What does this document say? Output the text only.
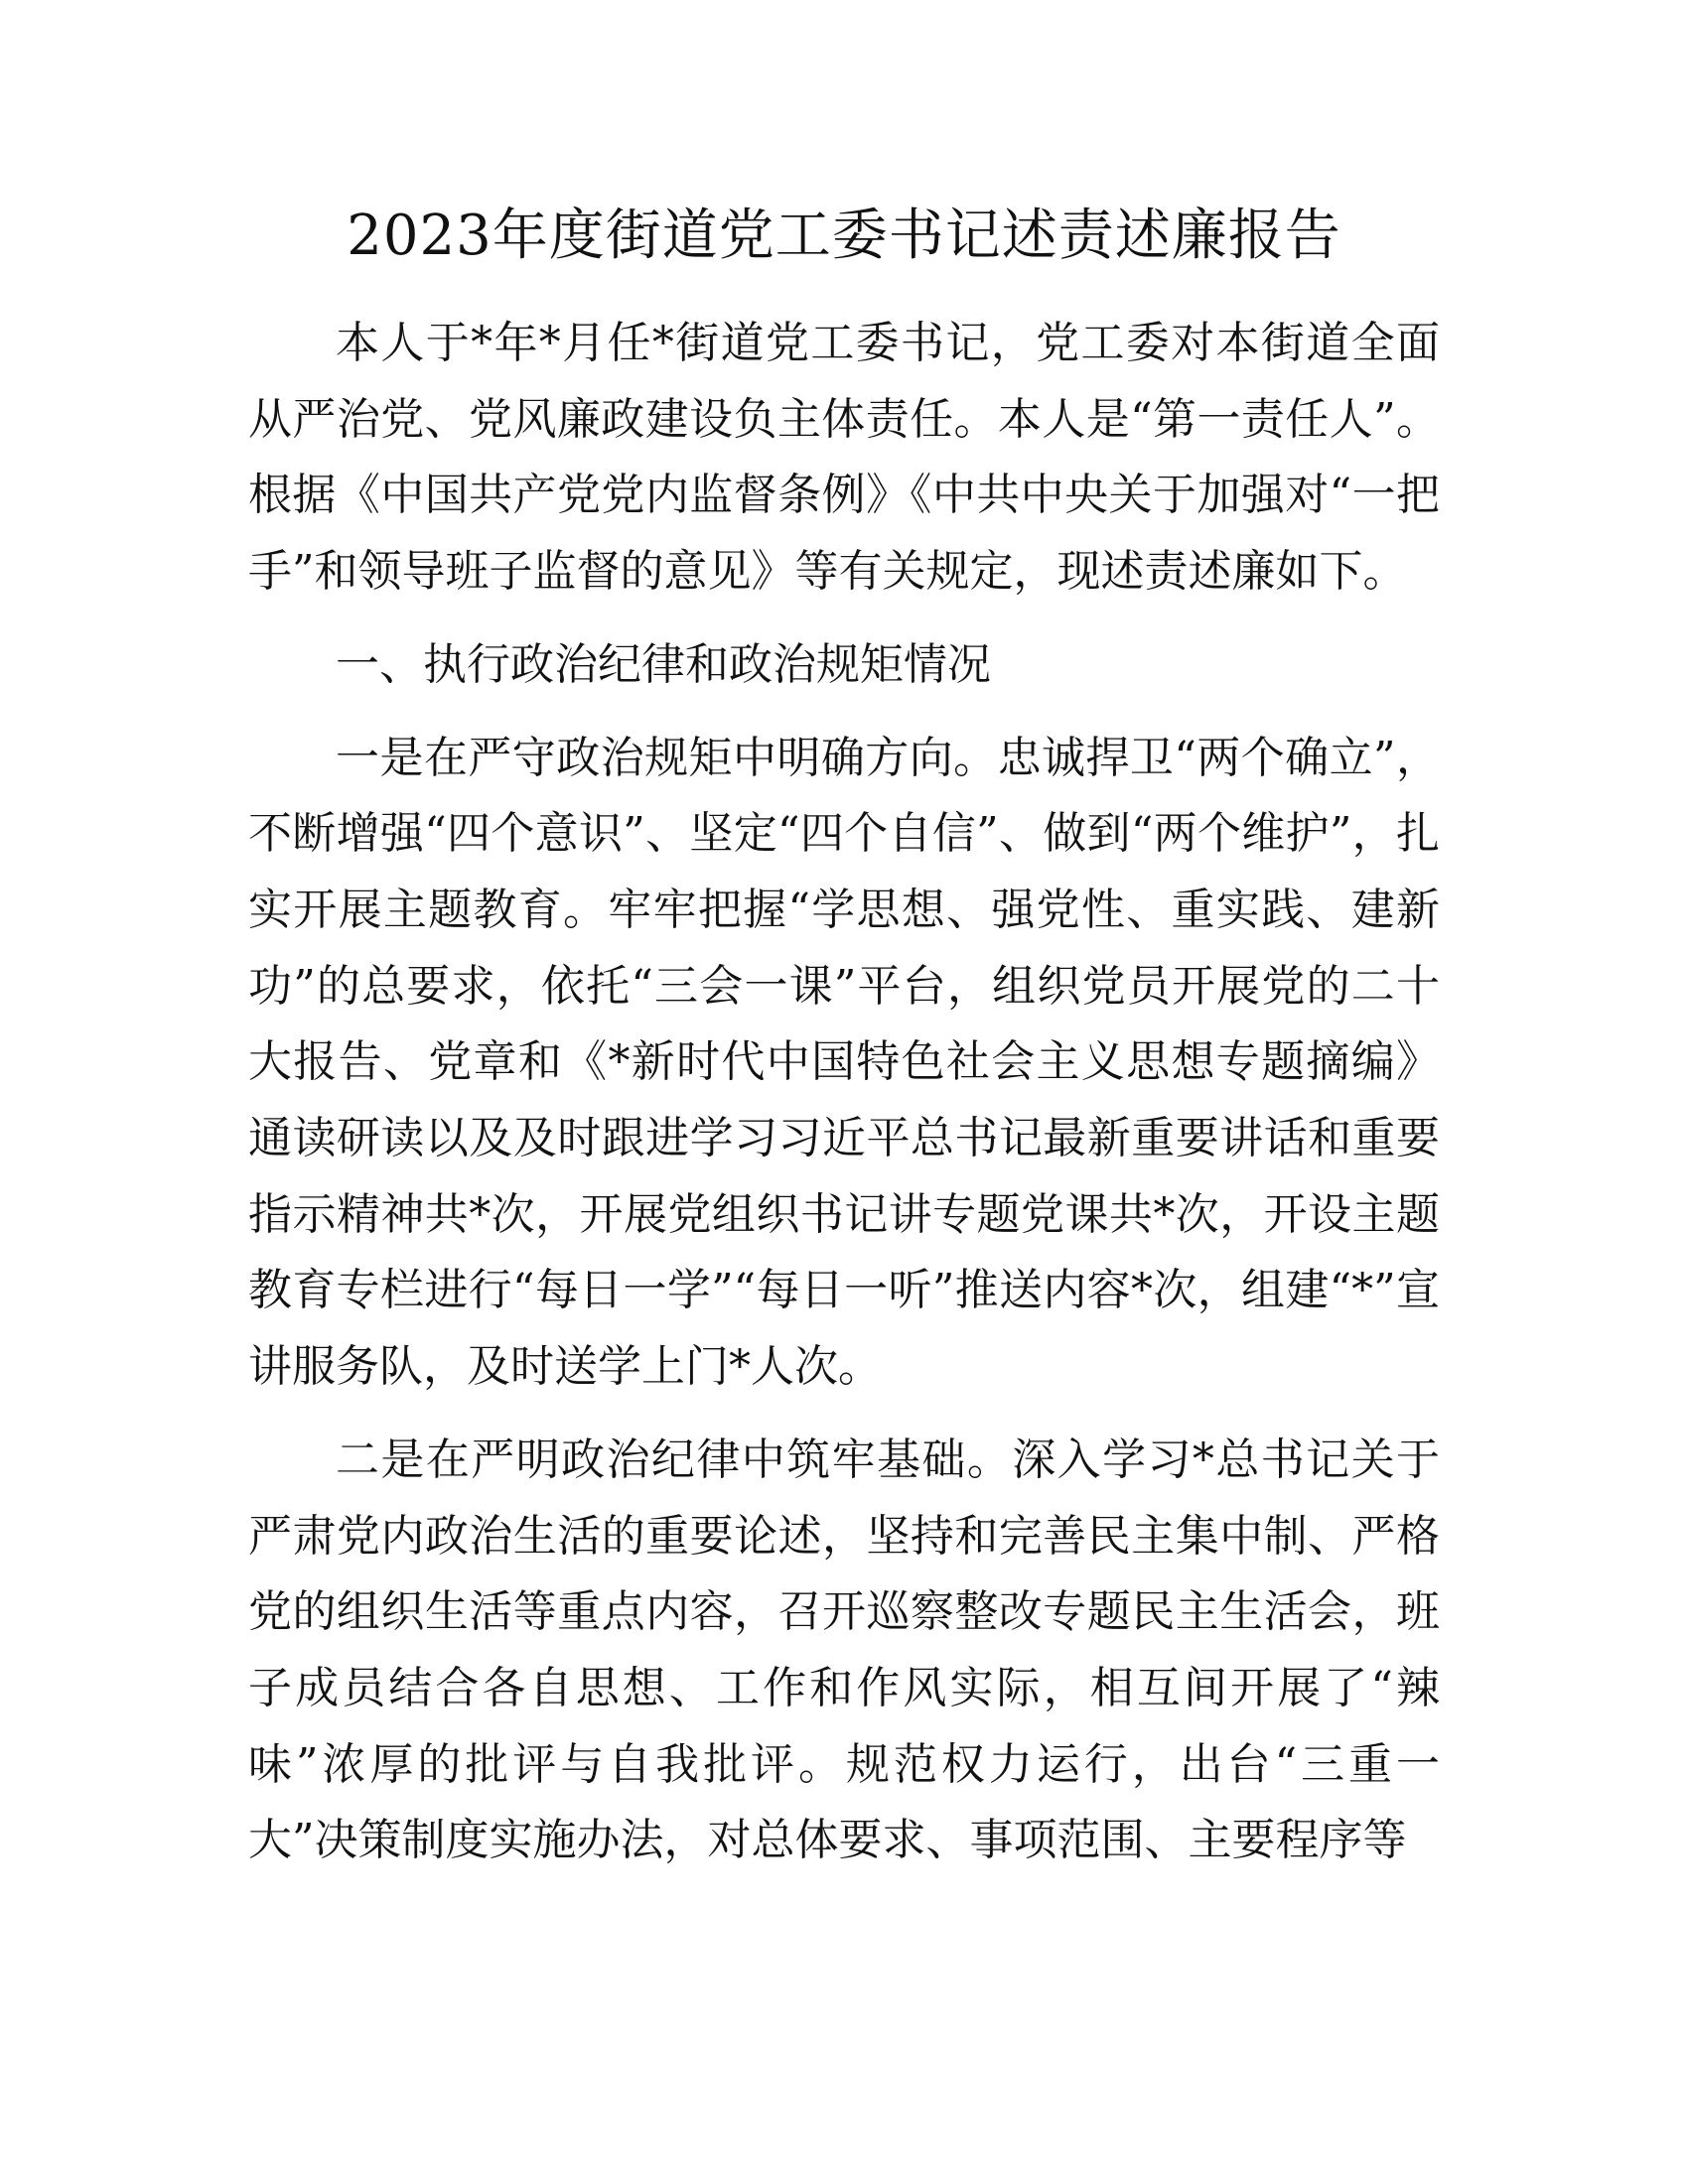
2023年度街道党工委书记述责述廉报告

本人于*年*月任*街道党工委书记，党工委对本街道全面从严治党、党风廉政建设负主体责任。本人是“第一责任人”。根据《中国共产党党内监督条例》《中共中央关于加强对“一把手”和领导班子监督的意见》等有关规定，现述责述廉如下。

一、执行政治纪律和政治规矩情况

一是在严守政治规矩中明确方向。忠诚捍卫“两个确立”，不断增强“四个意识”、坚定“四个自信”、做到“两个维护”，扎实开展主题教育。牢牢把握“学思想、强党性、重实践、建新功”的总要求，依托“三会一课”平台，组织党员开展党的二十大报告、党章和《*新时代中国特色社会主义思想专题摘编》通读研读以及及时跟进学习习近平总书记最新重要讲话和重要指示精神共*次，开展党组织书记讲专题党课共*次，开设主题教育专栏进行“每日一学”“每日一听”推送内容*次，组建“*”宣讲服务队，及时送学上门*人次。

二是在严明政治纪律中筑牢基础。深入学习*总书记关于严肃党内政治生活的重要论述，坚持和完善民主集中制、严格党的组织生活等重点内容，召开巡察整改专题民主生活会，班子成员结合各自思想、工作和作风实际，相互间开展了“辣味”浓厚的批评与自我批评。规范权力运行，出台“三重一大”决策制度实施办法，对总体要求、事项范围、主要程序等
